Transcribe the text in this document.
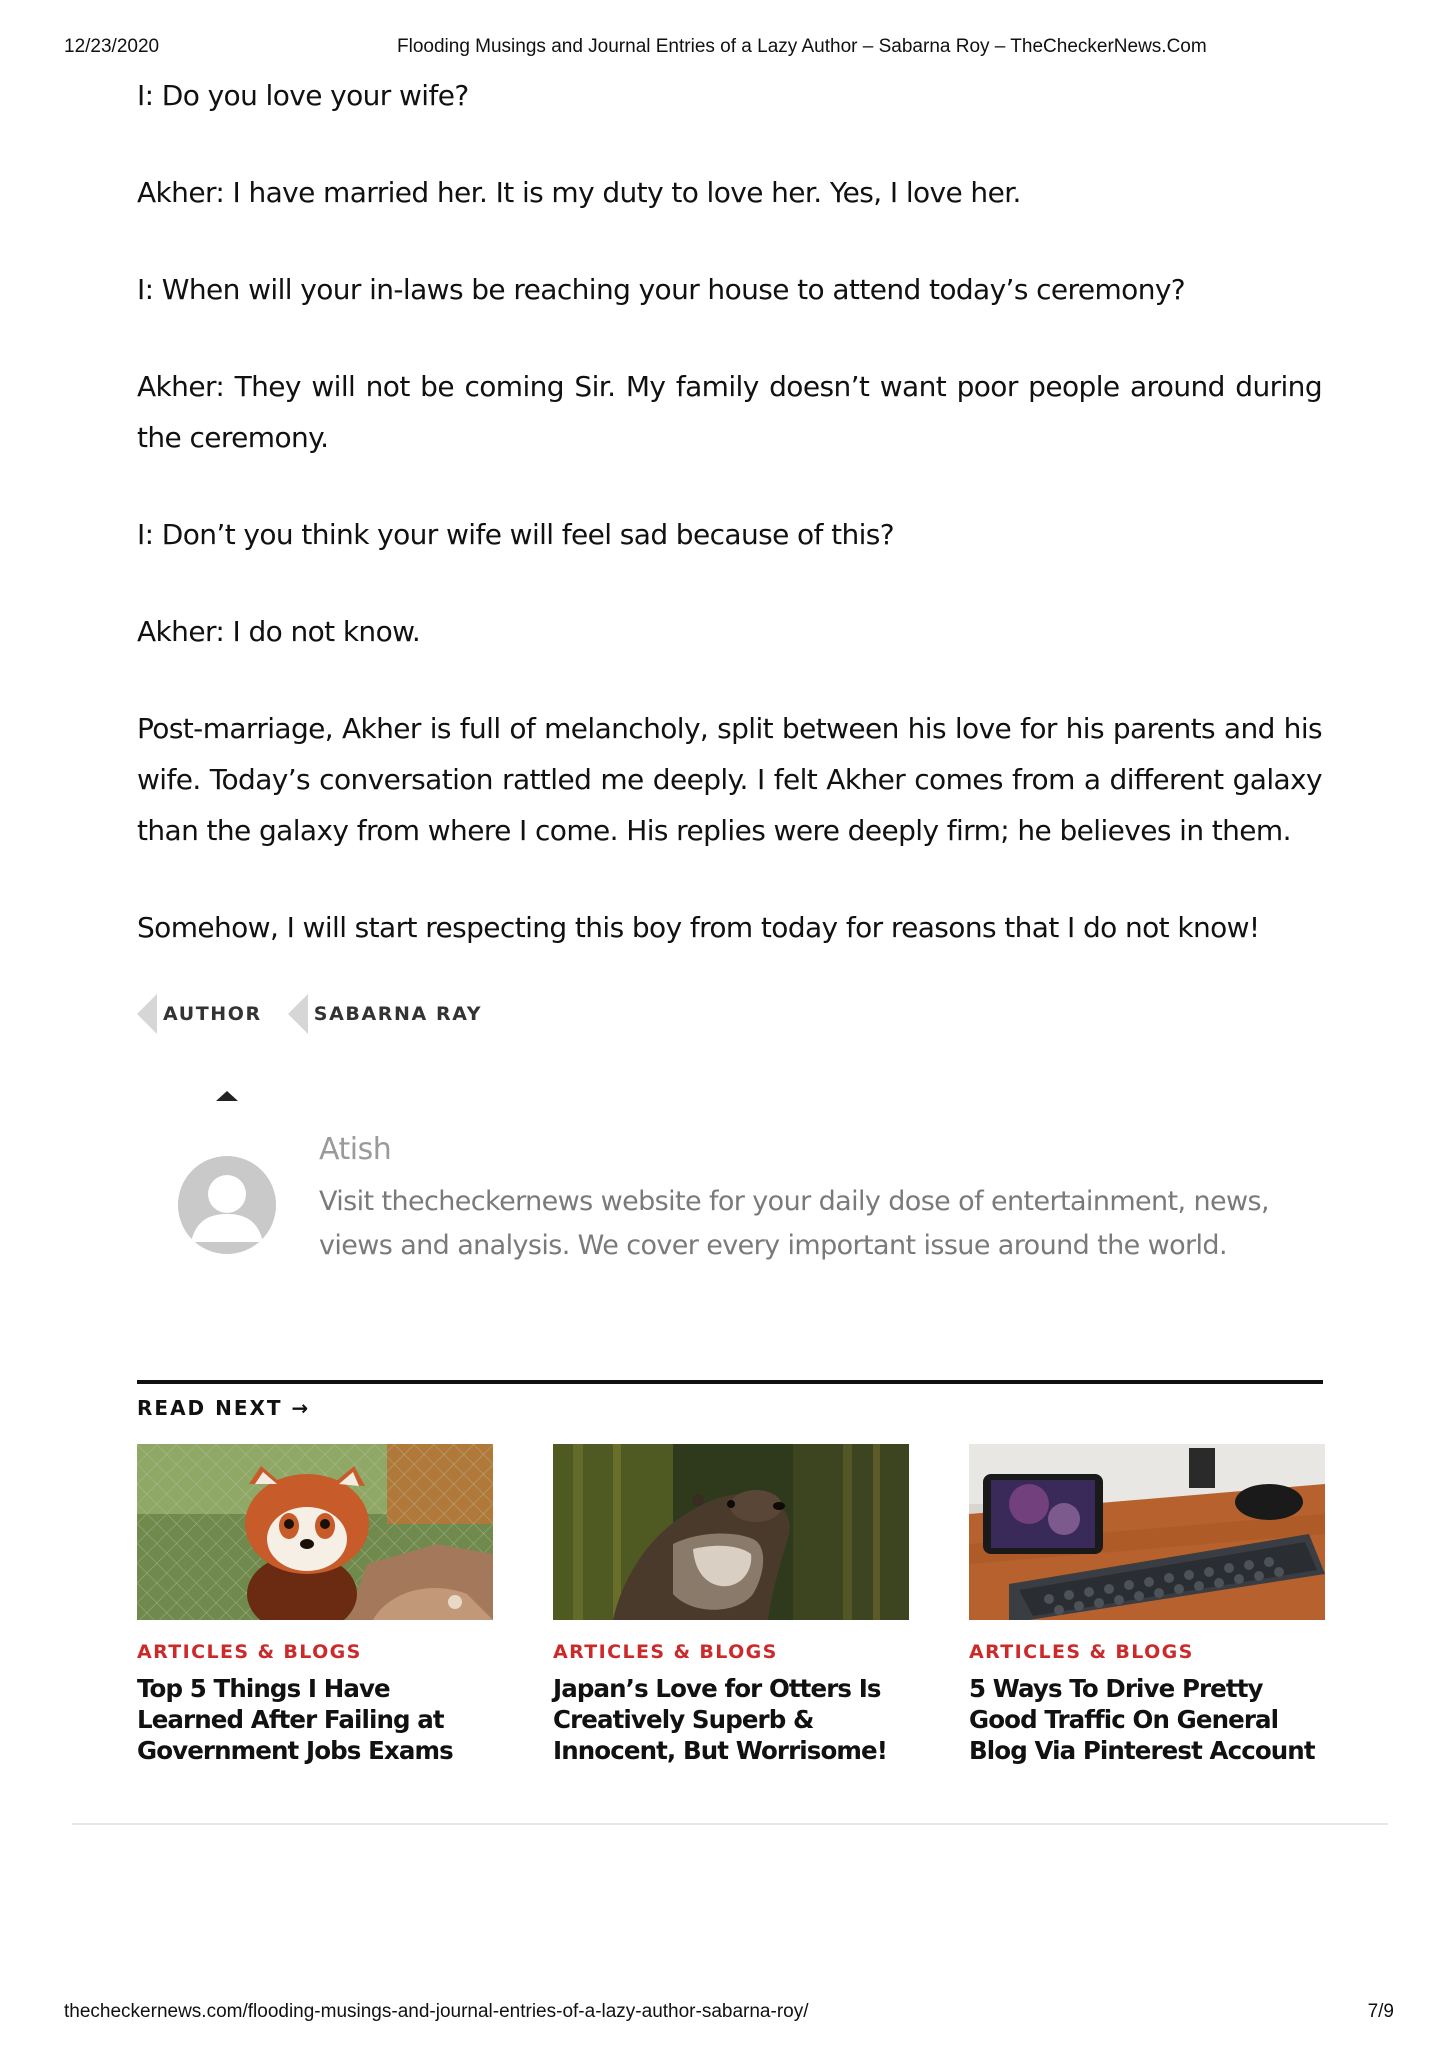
12/23/2020	Flooding Musings and Journal Entries of a Lazy Author – Sabarna Roy – TheCheckerNews.Com

I: Do you love your wife?

Akher: I have married her. It is my duty to love her. Yes, I love her.

I: When will your in-laws be reaching your house to attend today’s ceremony?

Akher: They will not be coming Sir. My family doesn’t want poor people around during the ceremony.

I: Don’t you think your wife will feel sad because of this?

Akher: I do not know.

Post-marriage, Akher is full of melancholy, split between his love for his parents and his wife. Today’s conversation rattled me deeply. I felt Akher comes from a different galaxy than the galaxy from where I come. His replies were deeply firm; he believes in them.

Somehow, I will start respecting this boy from today for reasons that I do not know!

AUTHOR	SABARNA RAY
Atish
Visit thecheckernews website for your daily dose of entertainment, news, views and analysis. We cover every important issue around the world.
READ NEXT →
ARTICLES & BLOGS
Top 5 Things I Have Learned After Failing at Government Jobs Exams
ARTICLES & BLOGS
Japan’s Love for Otters Is Creatively Superb & Innocent, But Worrisome!
ARTICLES & BLOGS
5 Ways To Drive Pretty Good Traffic On General Blog Via Pinterest Account
thecheckernews.com/flooding-musings-and-journal-entries-of-a-lazy-author-sabarna-roy/	7/9
